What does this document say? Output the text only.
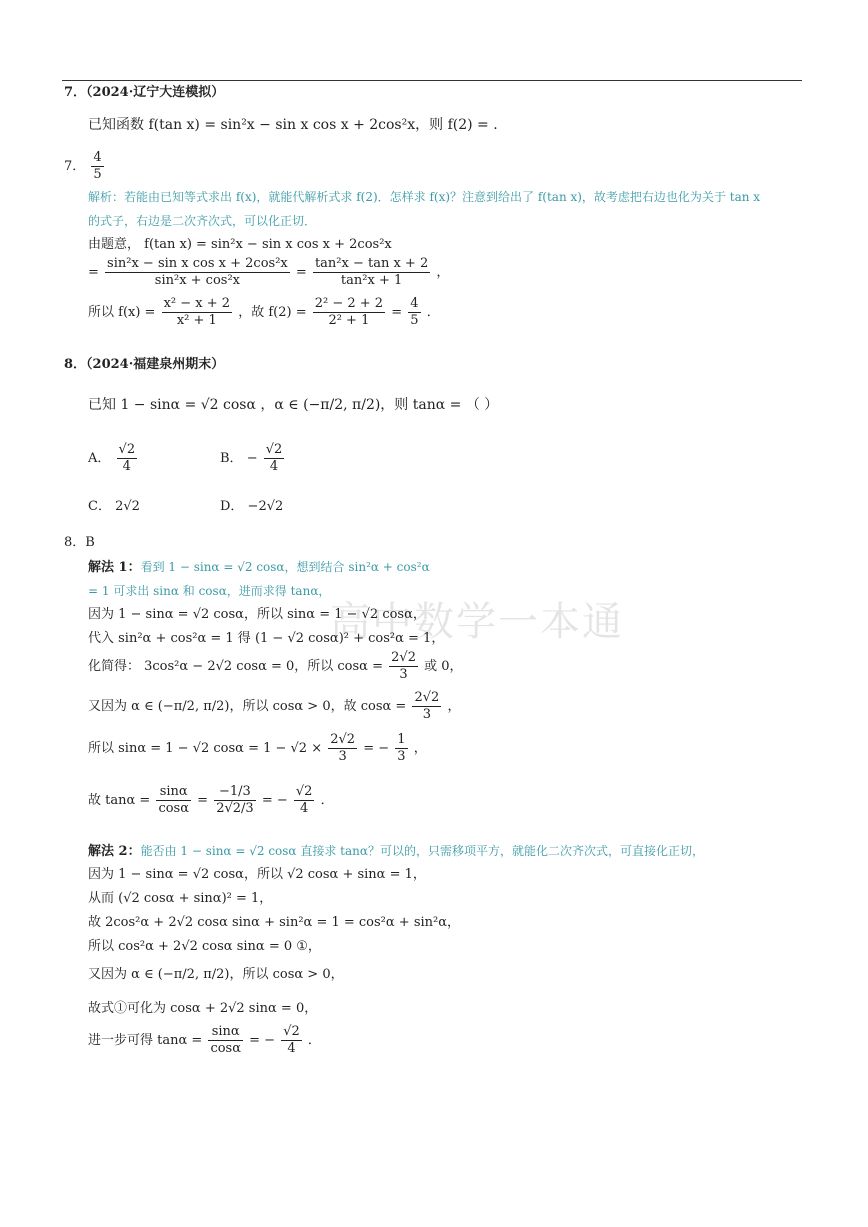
高中数学一本通
7．（2024·辽宁大连模拟）
已知函数 f(tan x) = sin²x − sin x cos x + 2cos²x，则 f(2) = .
7． $\frac{4}{5}$
解析：若能由已知等式求出 f(x)，就能代解析式求 f(2)．怎样求 f(x)？注意到给出了 f(tan x)，故考虑把右边也化为关于 tan x
的式子，右边是二次齐次式，可以化正切．
由题意， f(tan x) = sin²x − sin x cos x + 2cos²x
= $\frac{\text{sin²x − sin x cos x + 2cos²x}}{\text{sin²x + cos²x}} = \frac{\text{tan²x − tan x + 2}}{\text{tan²x + 1}}$ ，
所以 $f(x) = \frac{\text{x² − x + 2}}{\text{x² + 1}}$ ，故 $f(2) = \frac{\text{2² − 2 + 2}}{\text{2² + 1}} = \frac{4}{5}$ ．
8．（2024·福建泉州期末）
已知 1 − sinα = √2 cosα ，α ∈ (−π/2, π/2)，则 tanα = （ ）
A． $\frac{√2}{4}$	B． − $\frac{√2}{4}$
C． 2√2	D． −2√2
8．B
解法 1：看到 1 − sinα = √2 cosα，想到结合 sin²α + cos²α
= 1 可求出 sinα 和 cosα，进而求得 tanα，
因为 1 − sinα = √2 cosα，所以 sinα = 1 − √2 cosα，
代入 sin²α + cos²α = 1 得 (1 − √2 cosα)² + cos²α = 1，
化简得： 3cos²α − 2√2 cosα = 0，所以 $\cos\alpha = \frac{2√2}{3}$ 或 0，
又因为 α ∈ (−π/2, π/2)，所以 cosα > 0，故 $\cos\alpha = \frac{2√2}{3}$ ，
所以 sinα = 1 − √2 $\cos\alpha = 1 - √2 \times \frac{2√2}{3}$ = − $\frac{1}{3}$ ，
故 $\tan\alpha = \frac{\sin\alpha}{\cos\alpha} = \frac{-1/3}{2√2/3}$ = − $\frac{√2}{4}$ ．
解法 2：能否由 1 − sinα = √2 cosα 直接求 tanα？可以的，只需移项平方，就能化二次齐次式，可直接化正切，
因为 1 − sinα = √2 cosα，所以 √2 cosα + sinα = 1，
从而 (√2 cosα + sinα)² = 1，
故 2cos²α + 2√2 cosα sinα + sin²α = 1 = cos²α + sin²α，
所以 cos²α + 2√2 cosα sinα = 0 ①，
又因为 α ∈ (−π/2, π/2)，所以 cosα > 0，
故式①可化为 cosα + 2√2 sinα = 0，
进一步可得 $\tan\alpha = \frac{\sin\alpha}{\cos\alpha}$ = − $\frac{√2}{4}$ ．
